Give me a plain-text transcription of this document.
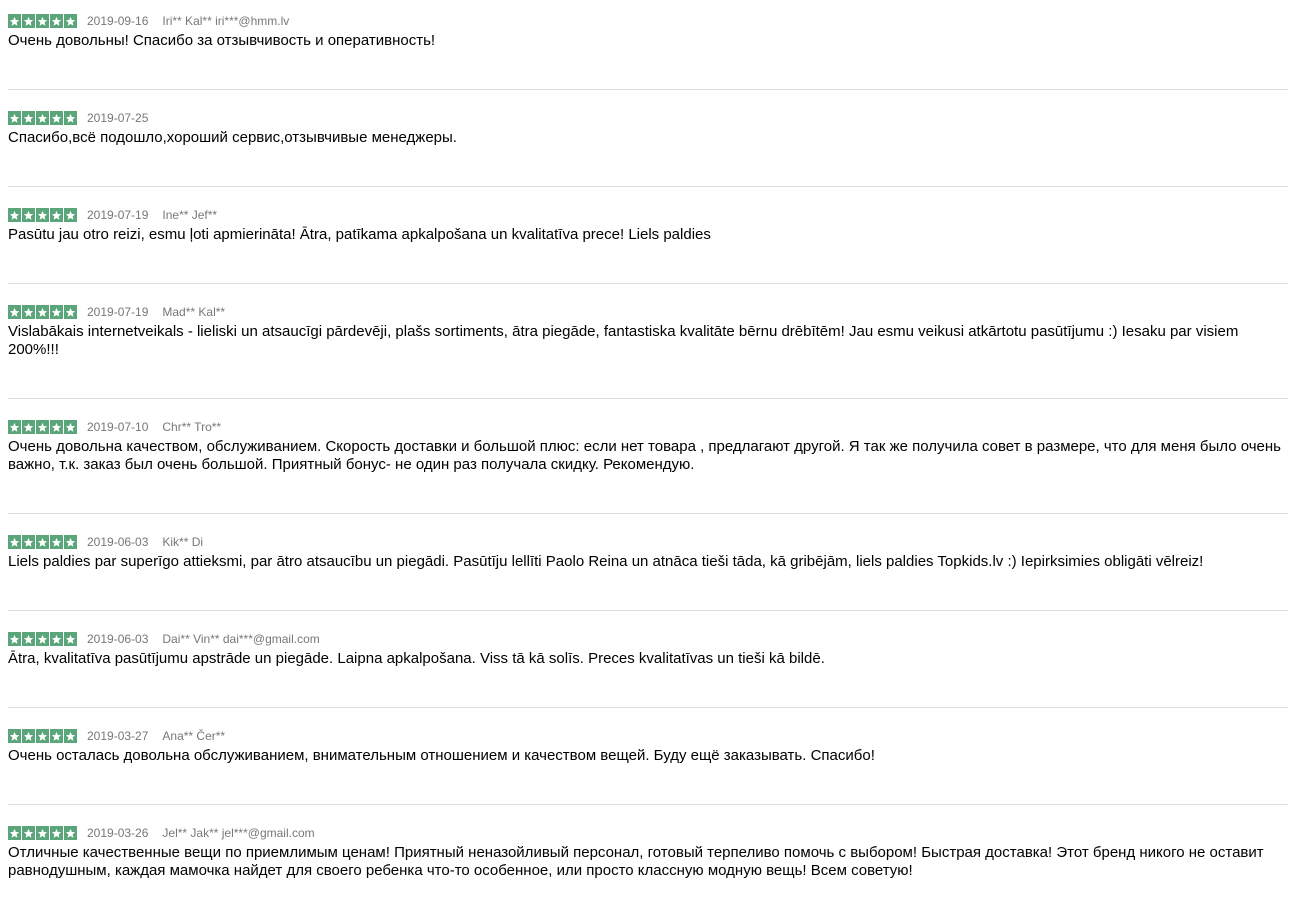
2019-09-16 Iri** Kal** iri***@hmm.lv

Очень довольны! Спасибо за отзывчивость и оперативность!

2019-07-25

Спасибо,всё подошло,хороший сервис,отзывчивые менеджеры.

2019-07-19 Ine** Jef**

Pasūtu jau otro reizi, esmu ļoti apmierināta! Ātra, patīkama apkalpošana un kvalitatīva prece! Liels paldies

2019-07-19 Mad** Kal**

Vislabākais internetveikals - lieliski un atsaucīgi pārdevēji, plašs sortiments, ātra piegāde, fantastiska kvalitāte bērnu drēbītēm! Jau esmu veikusi atkārtotu pasūtījumu :) Iesaku par visiem 200%!!!

2019-07-10 Chr** Tro**

Очень довольна качеством, обслуживанием. Скорость доставки и большой плюс: если нет товара , предлагают другой. Я так же получила совет в размере, что для меня было очень важно, т.к. заказ был очень большой. Приятный бонус- не один раз получала скидку. Рекомендую.

2019-06-03 Kik** Di

Liels paldies par superīgo attieksmi, par ātro atsaucību un piegādi. Pasūtīju lellīti Paolo Reina un atnāca tieši tāda, kā gribējām, liels paldies Topkids.lv :) Iepirksimies obligāti vēlreiz!

2019-06-03 Dai** Vin** dai***@gmail.com

Ātra, kvalitatīva pasūtījumu apstrāde un piegāde. Laipna apkalpošana. Viss tā kā solīs. Preces kvalitatīvas un tieši kā bildē.

2019-03-27 Ana** Čer**

Очень осталась довольна обслуживанием, внимательным отношением и качеством вещей. Буду ещё заказывать. Спасибо!

2019-03-26 Jel** Jak** jel***@gmail.com

Отличные качественные вещи по приемлимым ценам! Приятный неназойливый персонал, готовый терпеливо помочь с выбором! Быстрая доставка! Этот бренд никого не оставит равнодушным, каждая мамочка найдет для своего ребенка что-то особенное, или просто классную модную вещь! Всем советую!
